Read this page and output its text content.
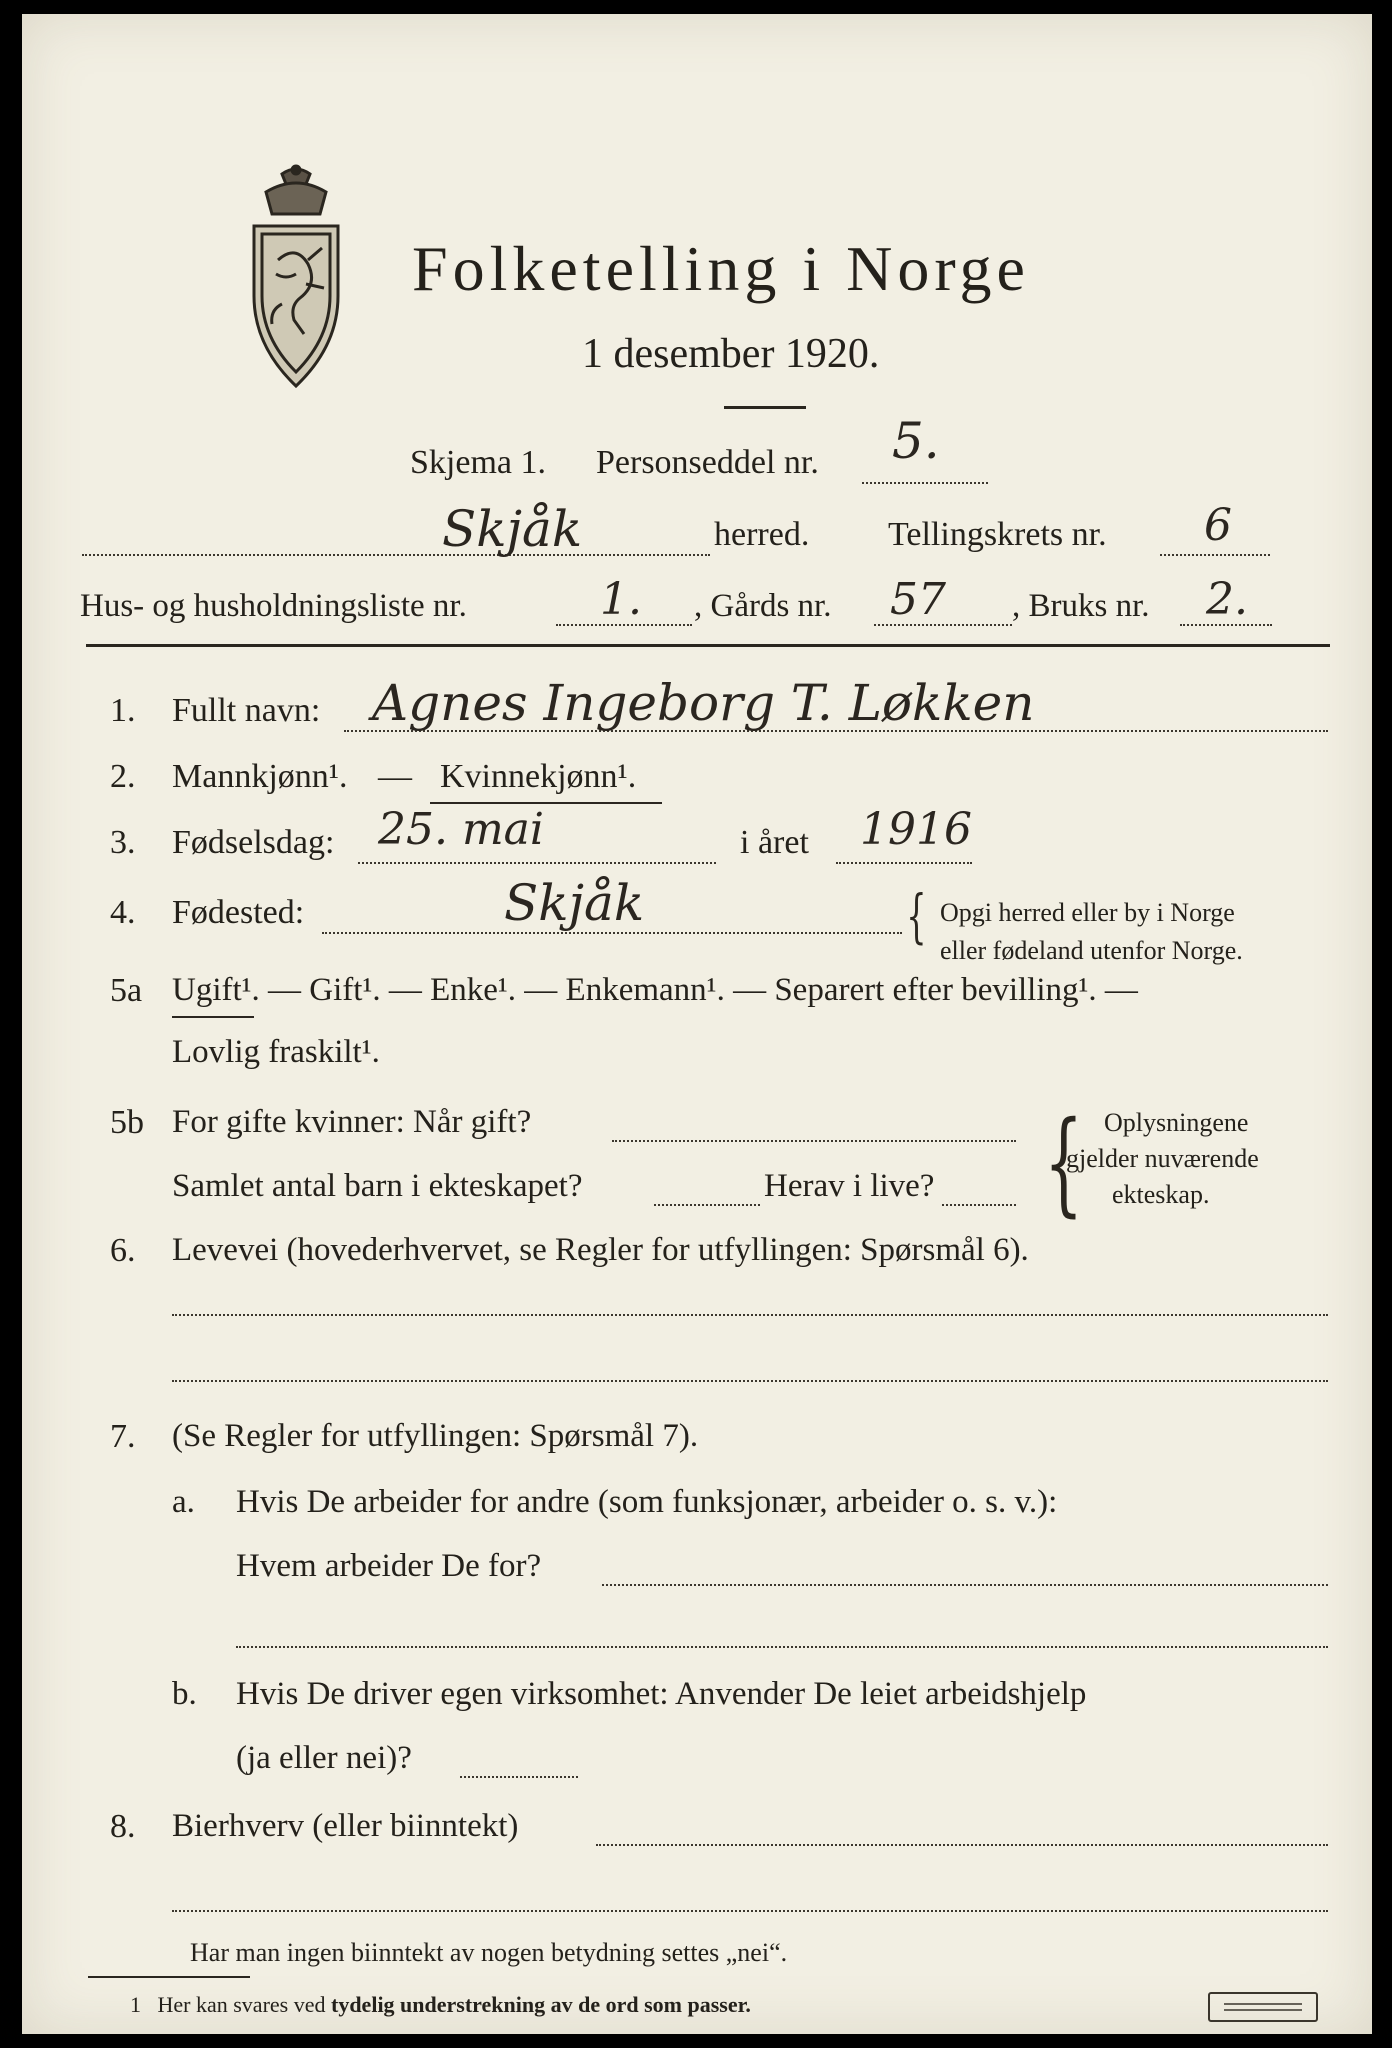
Folketelling i Norge
1 desember 1920.
Skjema 1. Personseddel nr. 5.
Skjåk	herred. Tellingskrets nr. 6
Hus- og husholdningsliste nr.	1. , Gårds nr. 57 , Bruks nr. 2.
1. Fullt navn: Agnes Ingeborg T. Løkken
2. Mannkjønn¹. — Kvinnekjønn¹.
3. Fødselsdag: 25. mai	i året 1916
4. Fødested:	Skjåk	{ Opgi herred eller by i Norge
eller fødeland utenfor Norge.
5a Ugift¹. — Gift¹. — Enke¹. — Enkemann¹. — Separert efter bevilling¹. —
Lovlig fraskilt¹.
5b For gifte kvinner: Når gift?
Samlet antal barn i ekteskapet?	Herav i live? { Oplysningene
gjelder nuværende
ekteskap.
6. Levevei (hovederhvervet, se Regler for utfyllingen: Spørsmål 6).
7. (Se Regler for utfyllingen: Spørsmål 7).
a. Hvis De arbeider for andre (som funksjonær, arbeider o. s. v.):
Hvem arbeider De for?
b. Hvis De driver egen virksomhet: Anvender De leiet arbeidshjelp
(ja eller nei)?
8. Bierhverv (eller biinntekt)
Har man ingen biinntekt av nogen betydning settes „nei“.
1 Her kan svares ved tydelig understrekning av de ord som passer.
